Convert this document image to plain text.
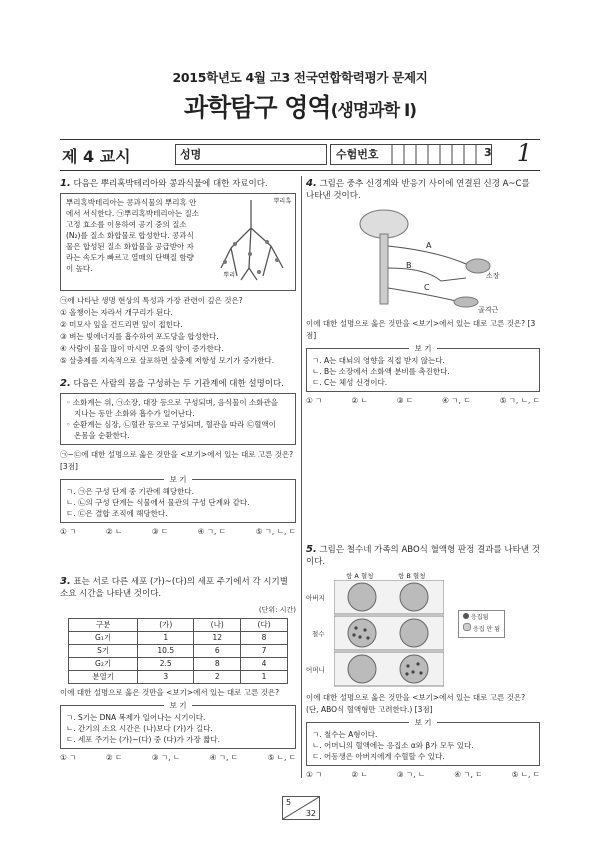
2015학년도 4월 고3 전국연합학력평가 문제지
과학탐구 영역(생명과학 Ⅰ)
제 4 교시	성명	수험번호	3 1
1. 다음은 뿌리혹박테리아와 콩과식물에 대한 자료이다.
뿌리혹박테리아는 콩과식물의 뿌리혹 안에서 서식한다. ㉠뿌리혹박테리아는 질소 고정 효소를 이용하여 공기 중의 질소(N₂)를 질소 화합물로 합성한다. 콩과식물은 합성된 질소 화합물을 공급받아 자라는 속도가 빠르고 열매의 단백질 함량이 높다.
뿌리혹
뿌리
㉠에 나타난 생명 현상의 특성과 가장 관련이 깊은 것은?
① 올챙이는 자라서 개구리가 된다.
② 미모사 잎을 건드리면 잎이 접힌다.
③ 벼는 빛에너지를 흡수하여 포도당을 합성한다.
④ 사람이 물을 많이 마시면 오줌의 양이 증가한다.
⑤ 살충제를 지속적으로 살포하면 살충제 저항성 모기가 증가한다.
2. 다음은 사람의 몸을 구성하는 두 기관계에 대한 설명이다.
◦ 소화계는 위, ㉠소장, 대장 등으로 구성되며, 음식물이 소화관을
지나는 동안 소화와 흡수가 일어난다.
◦ 순환계는 심장, ㉡혈관 등으로 구성되며, 혈관을 따라 ㉢혈액이
온몸을 순환한다.
㉠~㉢에 대한 설명으로 옳은 것만을 <보기>에서 있는 대로 고른 것은? [3점]
보 기
ㄱ. ㉠은 구성 단계 중 기관에 해당한다.
ㄴ. ㉡의 구성 단계는 식물에서 물관의 구성 단계와 같다.
ㄷ. ㉢은 결합 조직에 해당한다.
① ㄱ	② ㄴ	③ ㄷ	④ ㄱ, ㄷ	⑤ ㄱ, ㄴ, ㄷ
3. 표는 서로 다른 세포 (가)~(다)의 세포 주기에서 각 시기별 소요 시간을 나타낸 것이다.
(단위: 시간)
구분	(가)	(나)	(다)
G₁기	1	12	8
S기	10.5	6	7
G₂기	2.5	8	4
분열기	3	2	1
이에 대한 설명으로 옳은 것만을 <보기>에서 있는 대로 고른 것은?
보 기
ㄱ. S기는 DNA 복제가 일어나는 시기이다.
ㄴ. 간기의 소요 시간은 (나)보다 (가)가 길다.
ㄷ. 세포 주기는 (가)~(다) 중 (다)가 가장 짧다.
① ㄱ	② ㄷ	③ ㄱ, ㄴ	④ ㄱ, ㄷ	⑤ ㄴ, ㄷ
4. 그림은 중추 신경계와 반응기 사이에 연결된 신경 A~C를 나타낸 것이다.
A
B
C
소장
골격근
이에 대한 설명으로 옳은 것만을 <보기>에서 있는 대로 고른 것은? [3점]
보 기
ㄱ. A는 대뇌의 영향을 직접 받지 않는다.
ㄴ. B는 소장에서 소화액 분비를 촉진한다.
ㄷ. C는 체성 신경이다.
① ㄱ	② ㄴ	③ ㄷ	④ ㄱ, ㄷ	⑤ ㄱ, ㄴ, ㄷ
5. 그림은 철수네 가족의 ABO식 혈액형 판정 결과를 나타낸 것이다.
항 A 혈청	항 B 혈청
아버지
철수
어머니
응집됨
응집 안 됨
이에 대한 설명으로 옳은 것만을 <보기>에서 있는 대로 고른 것은? (단, ABO식 혈액형만 고려한다.) [3점]
보 기
ㄱ. 철수는 A형이다.
ㄴ. 어머니의 혈액에는 응집소 α와 β가 모두 있다.
ㄷ. 어동생은 아버지에게 수혈할 수 있다.
① ㄱ	② ㄴ	③ ㄱ, ㄴ	④ ㄱ, ㄷ	⑤ ㄴ, ㄷ
5
32
